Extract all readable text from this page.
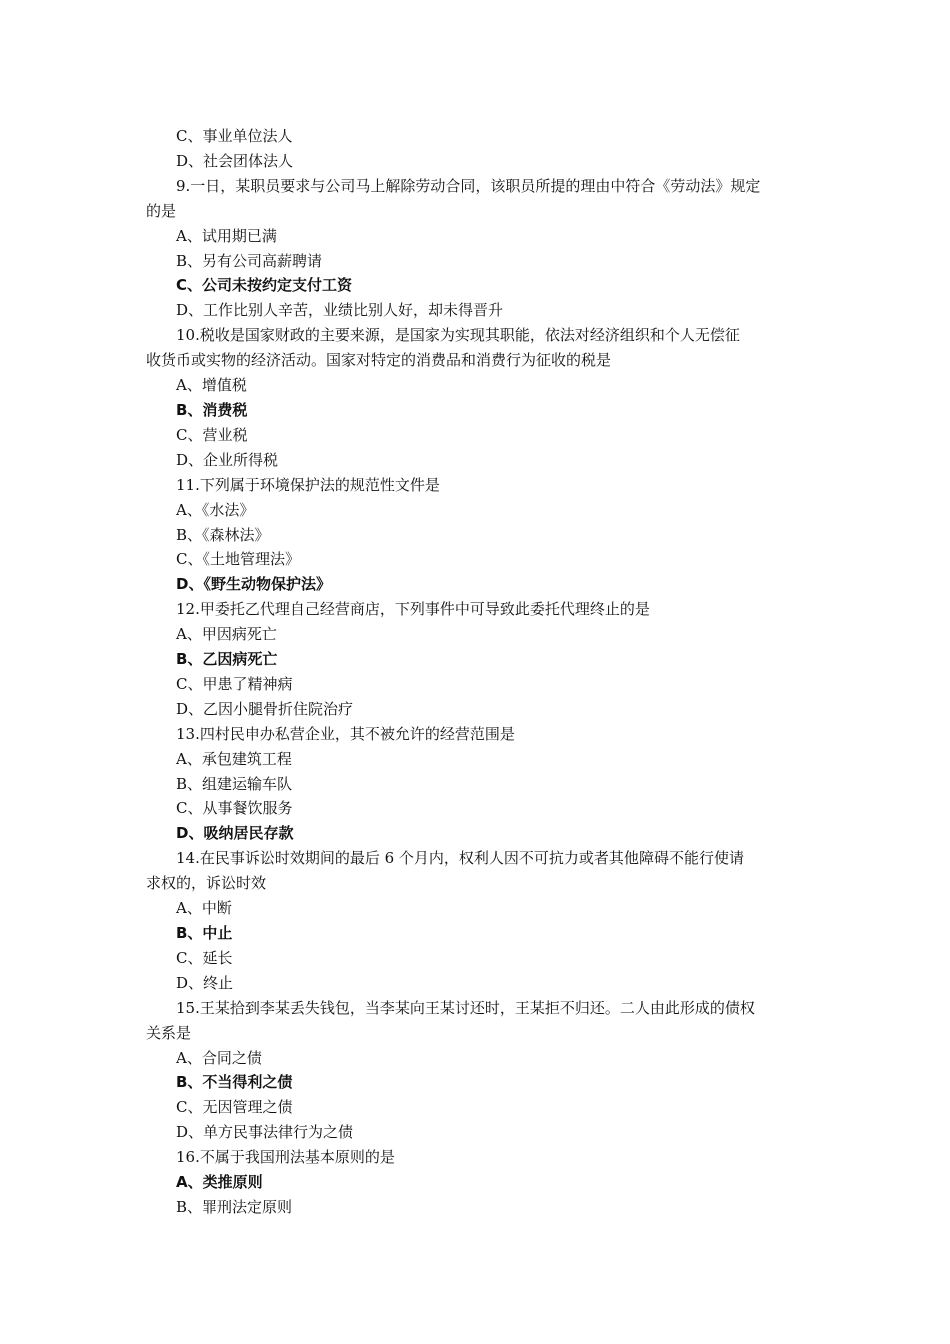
C、事业单位法人
D、社会团体法人
9.一日，某职员要求与公司马上解除劳动合同，该职员所提的理由中符合《劳动法》规定
的是
A、试用期已满
B、另有公司高薪聘请
C、公司未按约定支付工资
D、工作比别人辛苦，业绩比别人好，却未得晋升
10.税收是国家财政的主要来源，是国家为实现其职能，依法对经济组织和个人无偿征
收货币或实物的经济活动。国家对特定的消费品和消费行为征收的税是
A、增值税
B、消费税
C、营业税
D、企业所得税
11.下列属于环境保护法的规范性文件是
A、《水法》
B、《森林法》
C、《土地管理法》
D、《野生动物保护法》
12.甲委托乙代理自己经营商店，下列事件中可导致此委托代理终止的是
A、甲因病死亡
B、乙因病死亡
C、甲患了精神病
D、乙因小腿骨折住院治疗
13.四村民申办私营企业，其不被允许的经营范围是
A、承包建筑工程
B、组建运输车队
C、从事餐饮服务
D、吸纳居民存款
14.在民事诉讼时效期间的最后 6 个月内，权利人因不可抗力或者其他障碍不能行使请
求权的，诉讼时效
A、中断
B、中止
C、延长
D、终止
15.王某拾到李某丢失钱包，当李某向王某讨还时，王某拒不归还。二人由此形成的债权
关系是
A、合同之债
B、不当得利之债
C、无因管理之债
D、单方民事法律行为之债
16.不属于我国刑法基本原则的是
A、类推原则
B、罪刑法定原则
